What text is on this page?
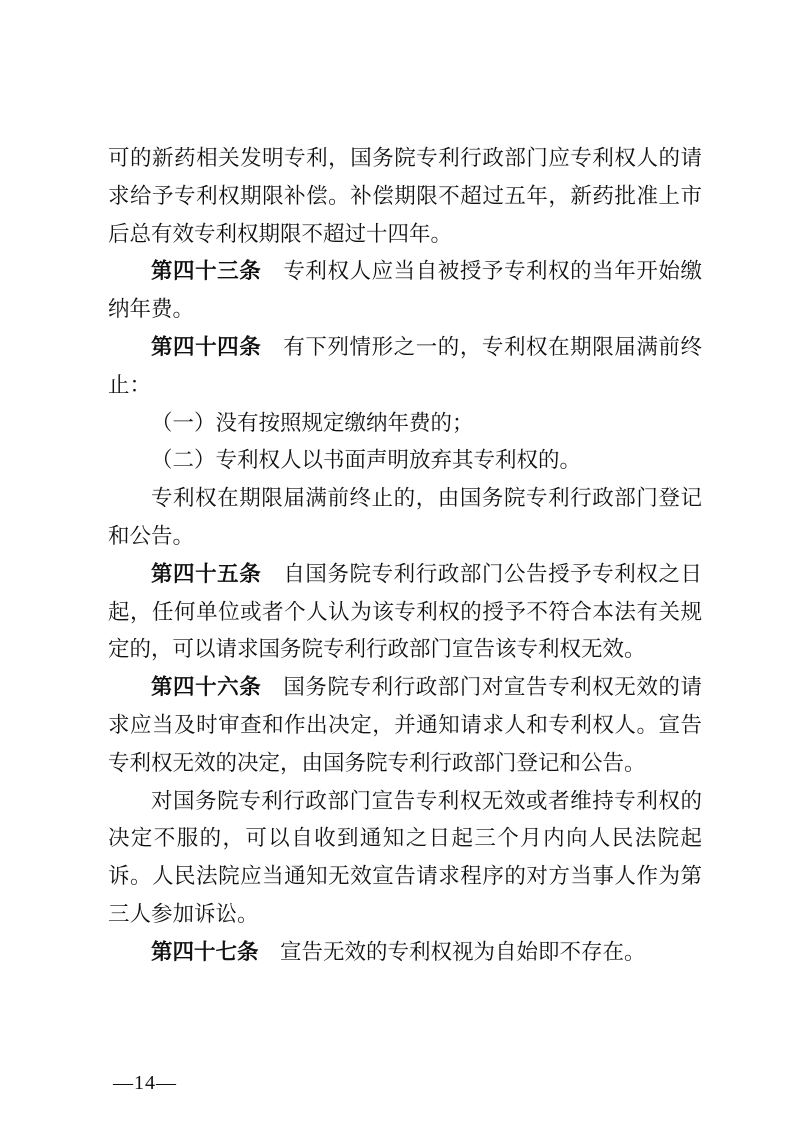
可的新药相关发明专利，国务院专利行政部门应专利权人的请求给予专利权期限补偿。补偿期限不超过五年，新药批准上市后总有效专利权期限不超过十四年。

第四十三条 专利权人应当自被授予专利权的当年开始缴纳年费。

第四十四条 有下列情形之一的，专利权在期限届满前终止：

（一）没有按照规定缴纳年费的；

（二）专利权人以书面声明放弃其专利权的。

专利权在期限届满前终止的，由国务院专利行政部门登记和公告。

第四十五条 自国务院专利行政部门公告授予专利权之日起，任何单位或者个人认为该专利权的授予不符合本法有关规定的，可以请求国务院专利行政部门宣告该专利权无效。

第四十六条 国务院专利行政部门对宣告专利权无效的请求应当及时审查和作出决定，并通知请求人和专利权人。宣告专利权无效的决定，由国务院专利行政部门登记和公告。

对国务院专利行政部门宣告专利权无效或者维持专利权的决定不服的，可以自收到通知之日起三个月内向人民法院起诉。人民法院应当通知无效宣告请求程序的对方当事人作为第三人参加诉讼。

第四十七条 宣告无效的专利权视为自始即不存在。

—14—
